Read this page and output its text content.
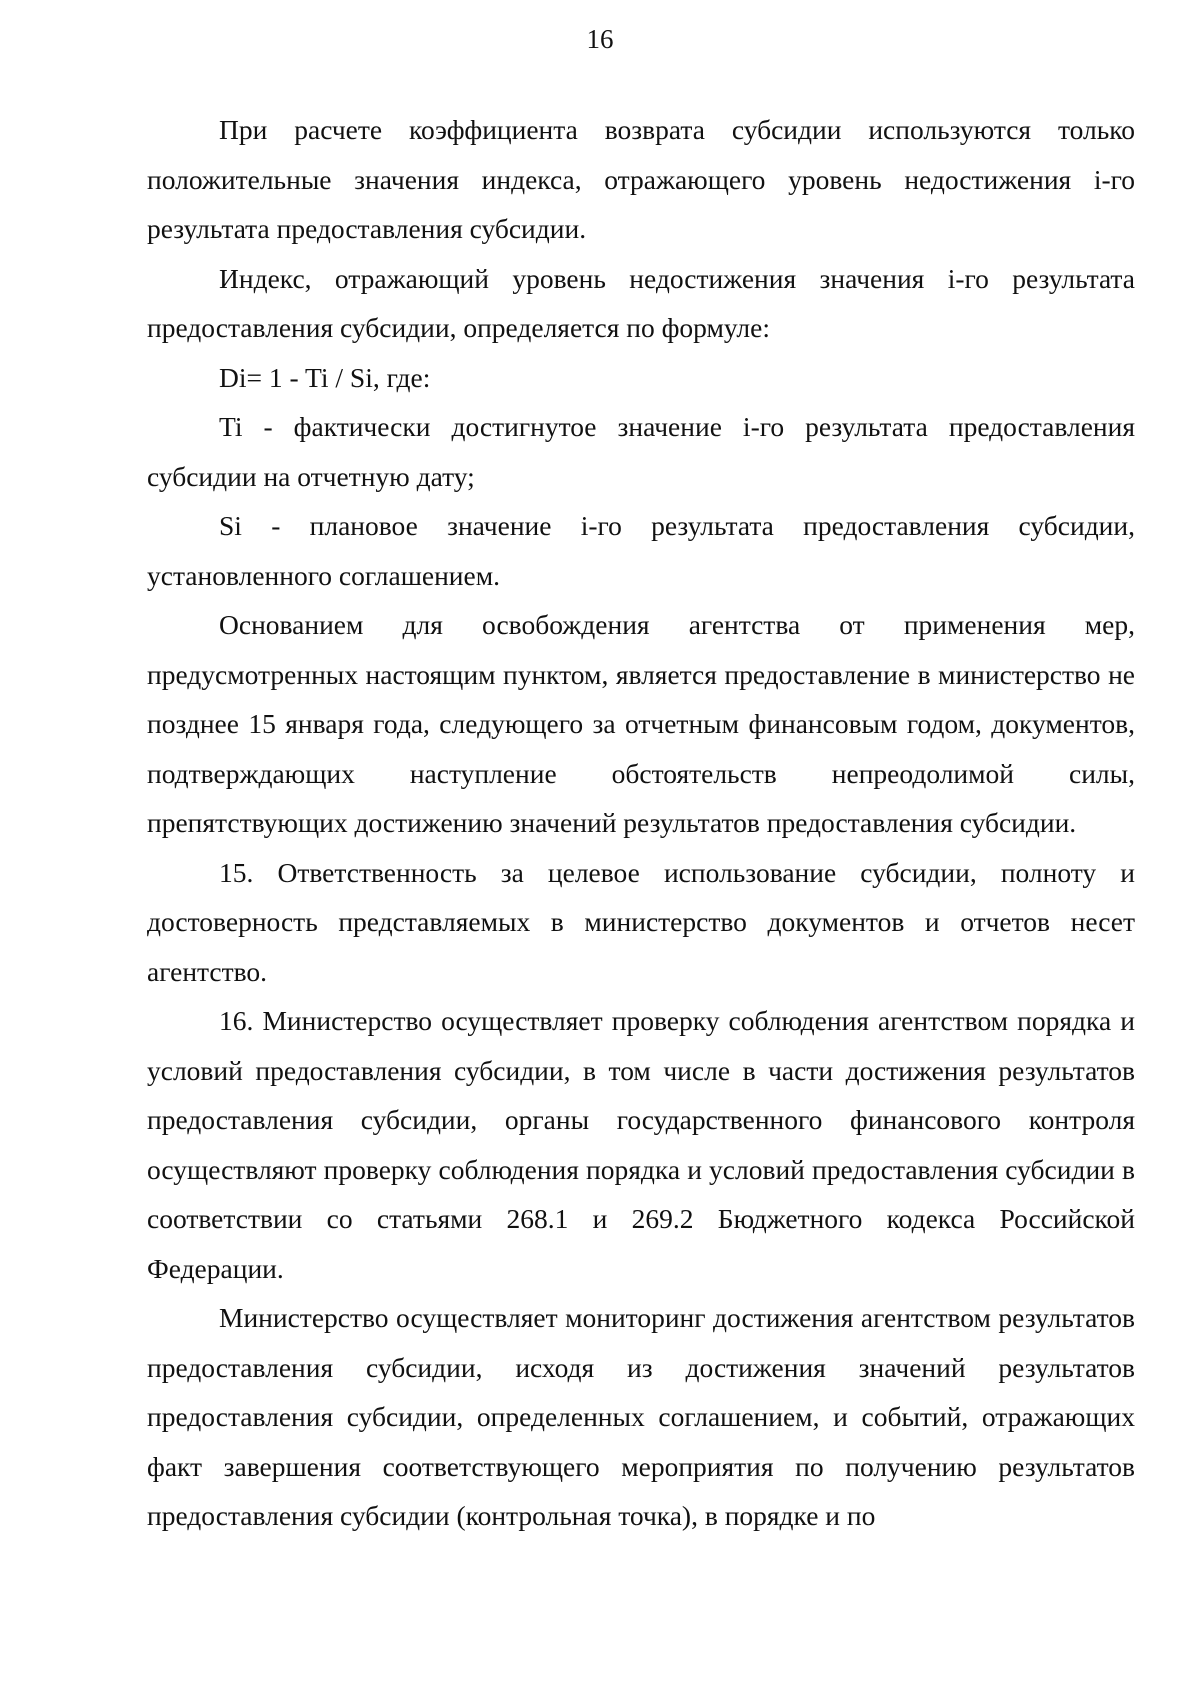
16

При расчете коэффициента возврата субсидии используются только положительные значения индекса, отражающего уровень недостижения i-го результата предоставления субсидии.

Индекс, отражающий уровень недостижения значения i-го результата предоставления субсидии, определяется по формуле:

Di= 1 - Ti / Si, где:

Ti - фактически достигнутое значение i-го результата предоставления субсидии на отчетную дату;

Si - плановое значение i-го результата предоставления субсидии, установленного соглашением.

Основанием для освобождения агентства от применения мер, предусмотренных настоящим пунктом, является предоставление в министерство не позднее 15 января года, следующего за отчетным финансовым годом, документов, подтверждающих наступление обстоятельств непреодолимой силы, препятствующих достижению значений результатов предоставления субсидии.

15. Ответственность за целевое использование субсидии, полноту и достоверность представляемых в министерство документов и отчетов несет агентство.

16. Министерство осуществляет проверку соблюдения агентством порядка и условий предоставления субсидии, в том числе в части достижения результатов предоставления субсидии, органы государственного финансового контроля осуществляют проверку соблюдения порядка и условий предоставления субсидии в соответствии со статьями 268.1 и 269.2 Бюджетного кодекса Российской Федерации.

Министерство осуществляет мониторинг достижения агентством результатов предоставления субсидии, исходя из достижения значений результатов предоставления субсидии, определенных соглашением, и событий, отражающих факт завершения соответствующего мероприятия по получению результатов предоставления субсидии (контрольная точка), в порядке и по
